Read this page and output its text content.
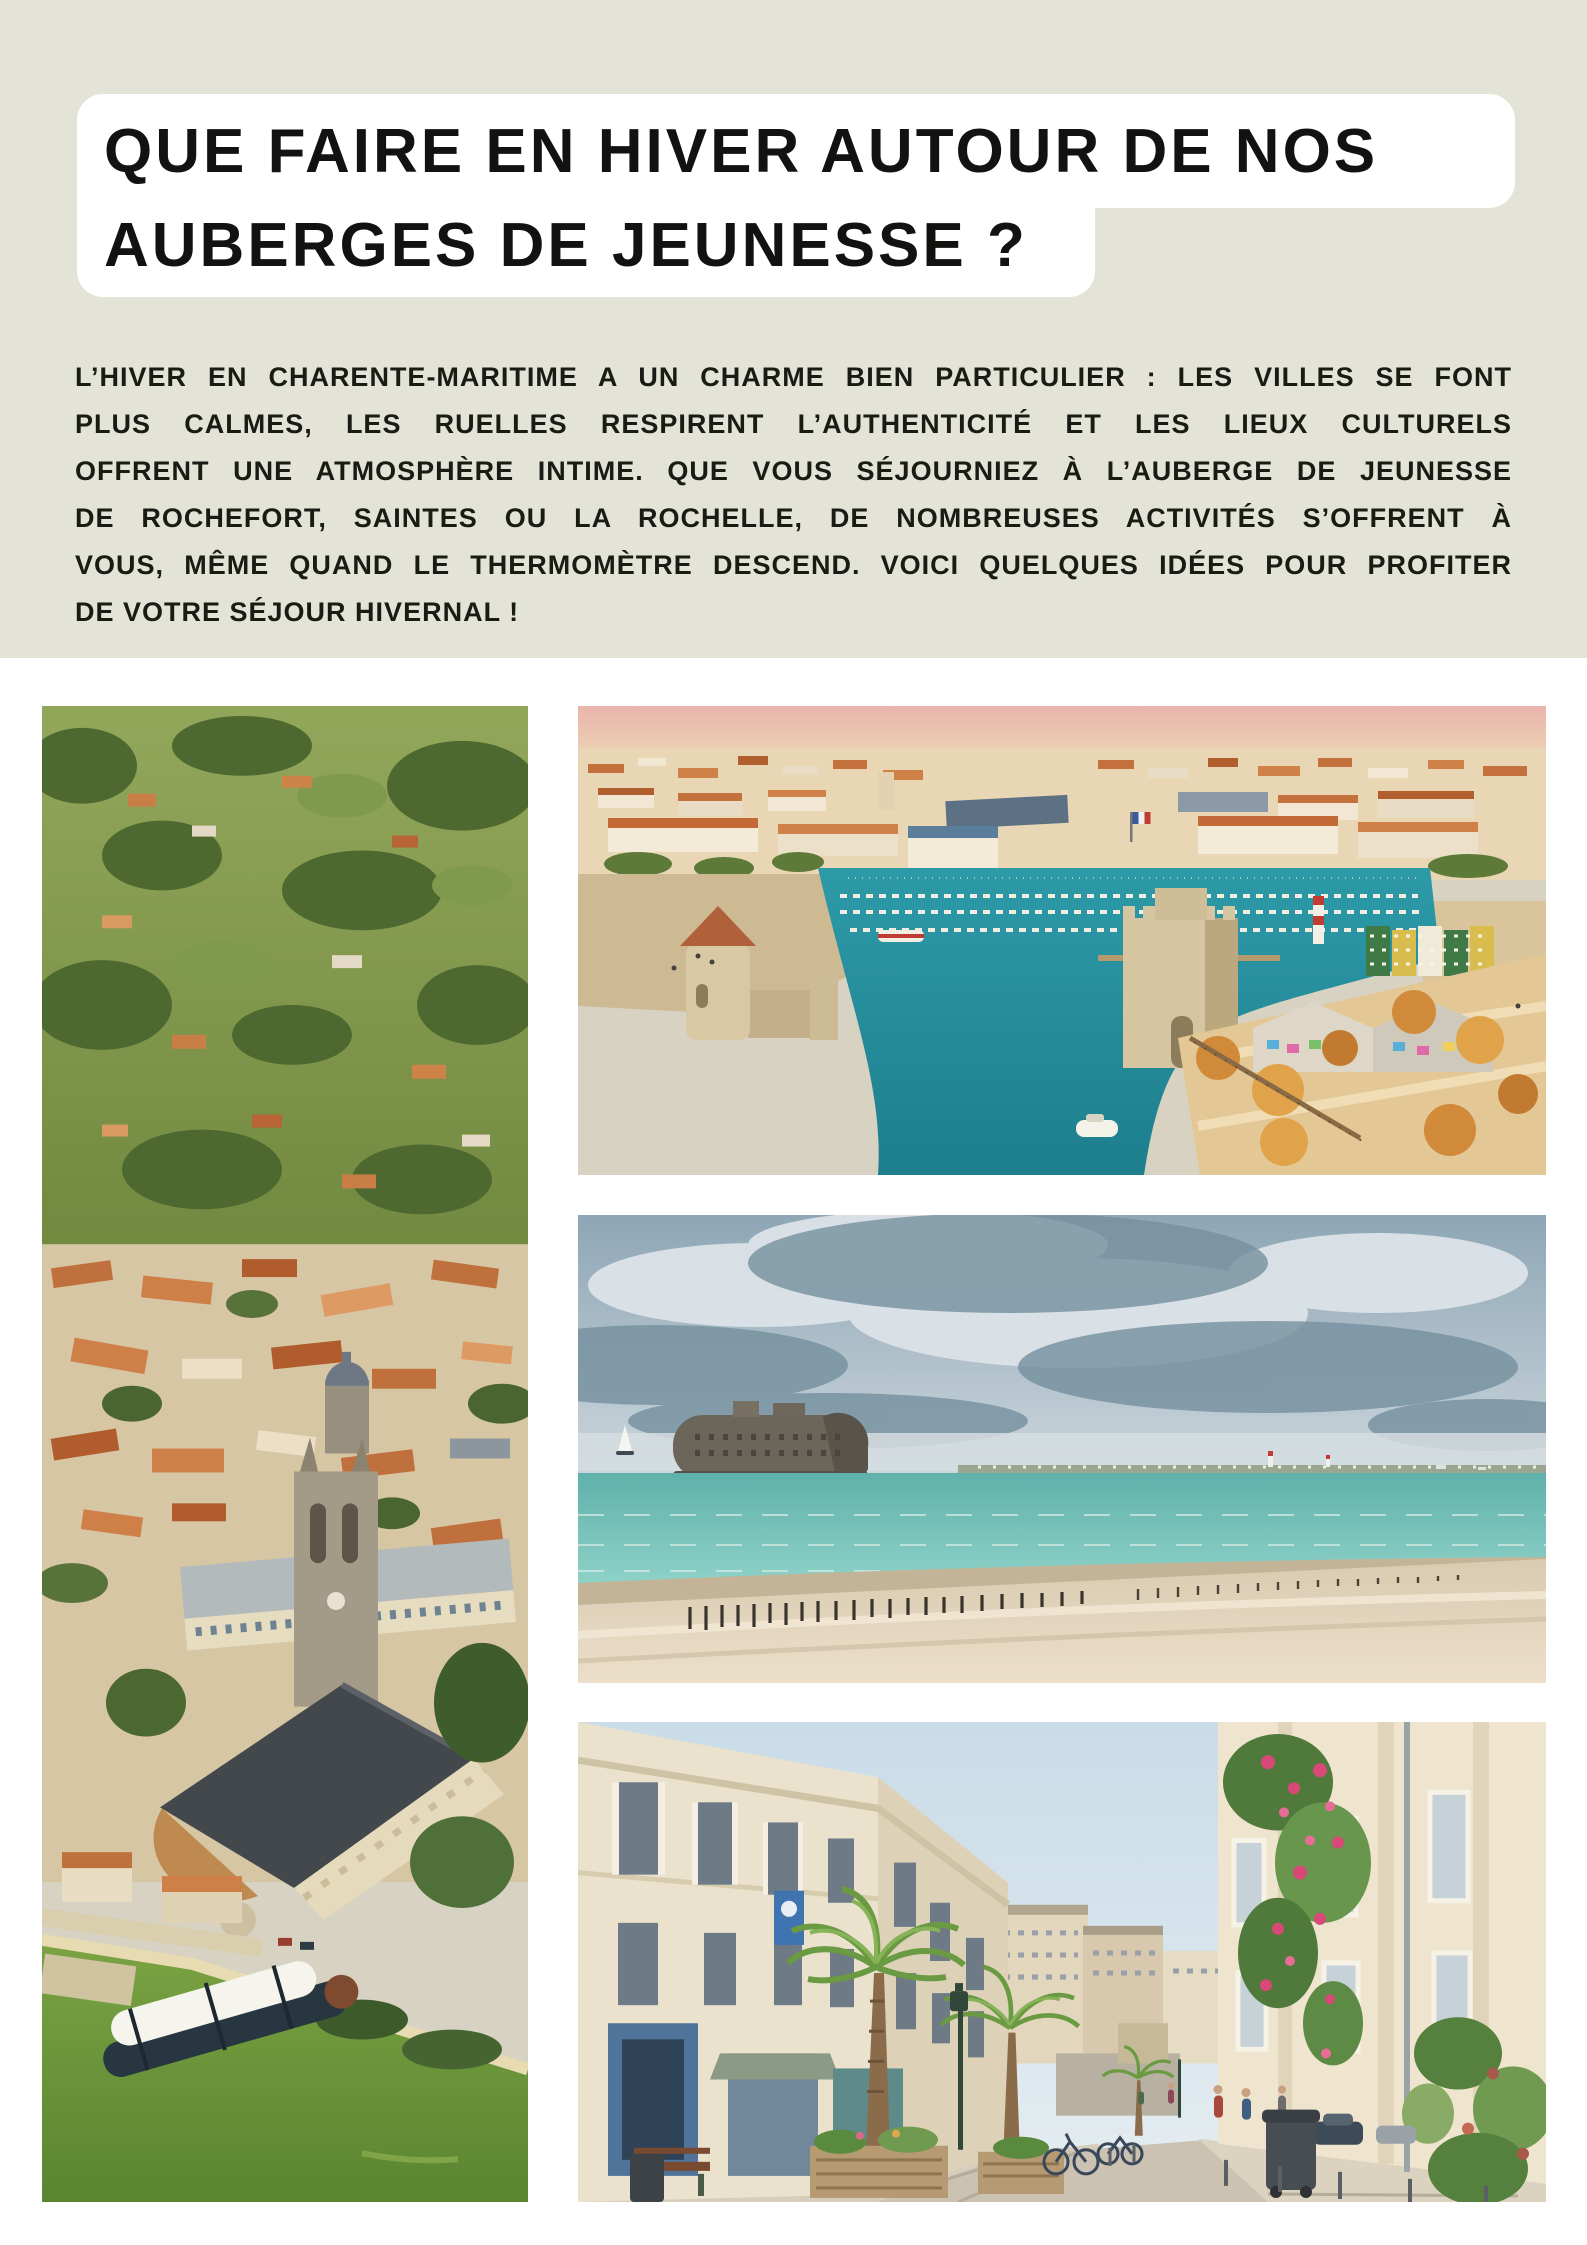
QUE FAIRE EN HIVER AUTOUR DE NOS
AUBERGES DE JEUNESSE ?
L’HIVER EN CHARENTE-MARITIME A UN CHARME BIEN PARTICULIER : LES VILLES SE FONT
PLUS CALMES, LES RUELLES RESPIRENT L’AUTHENTICITÉ ET LES LIEUX CULTURELS
OFFRENT UNE ATMOSPHÈRE INTIME. QUE VOUS SÉJOURNIEZ À L’AUBERGE DE JEUNESSE
DE ROCHEFORT, SAINTES OU LA ROCHELLE, DE NOMBREUSES ACTIVITÉS S’OFFRENT À
VOUS, MÊME QUAND LE THERMOMÈTRE DESCEND. VOICI QUELQUES IDÉES POUR PROFITER
DE VOTRE SÉJOUR HIVERNAL !
